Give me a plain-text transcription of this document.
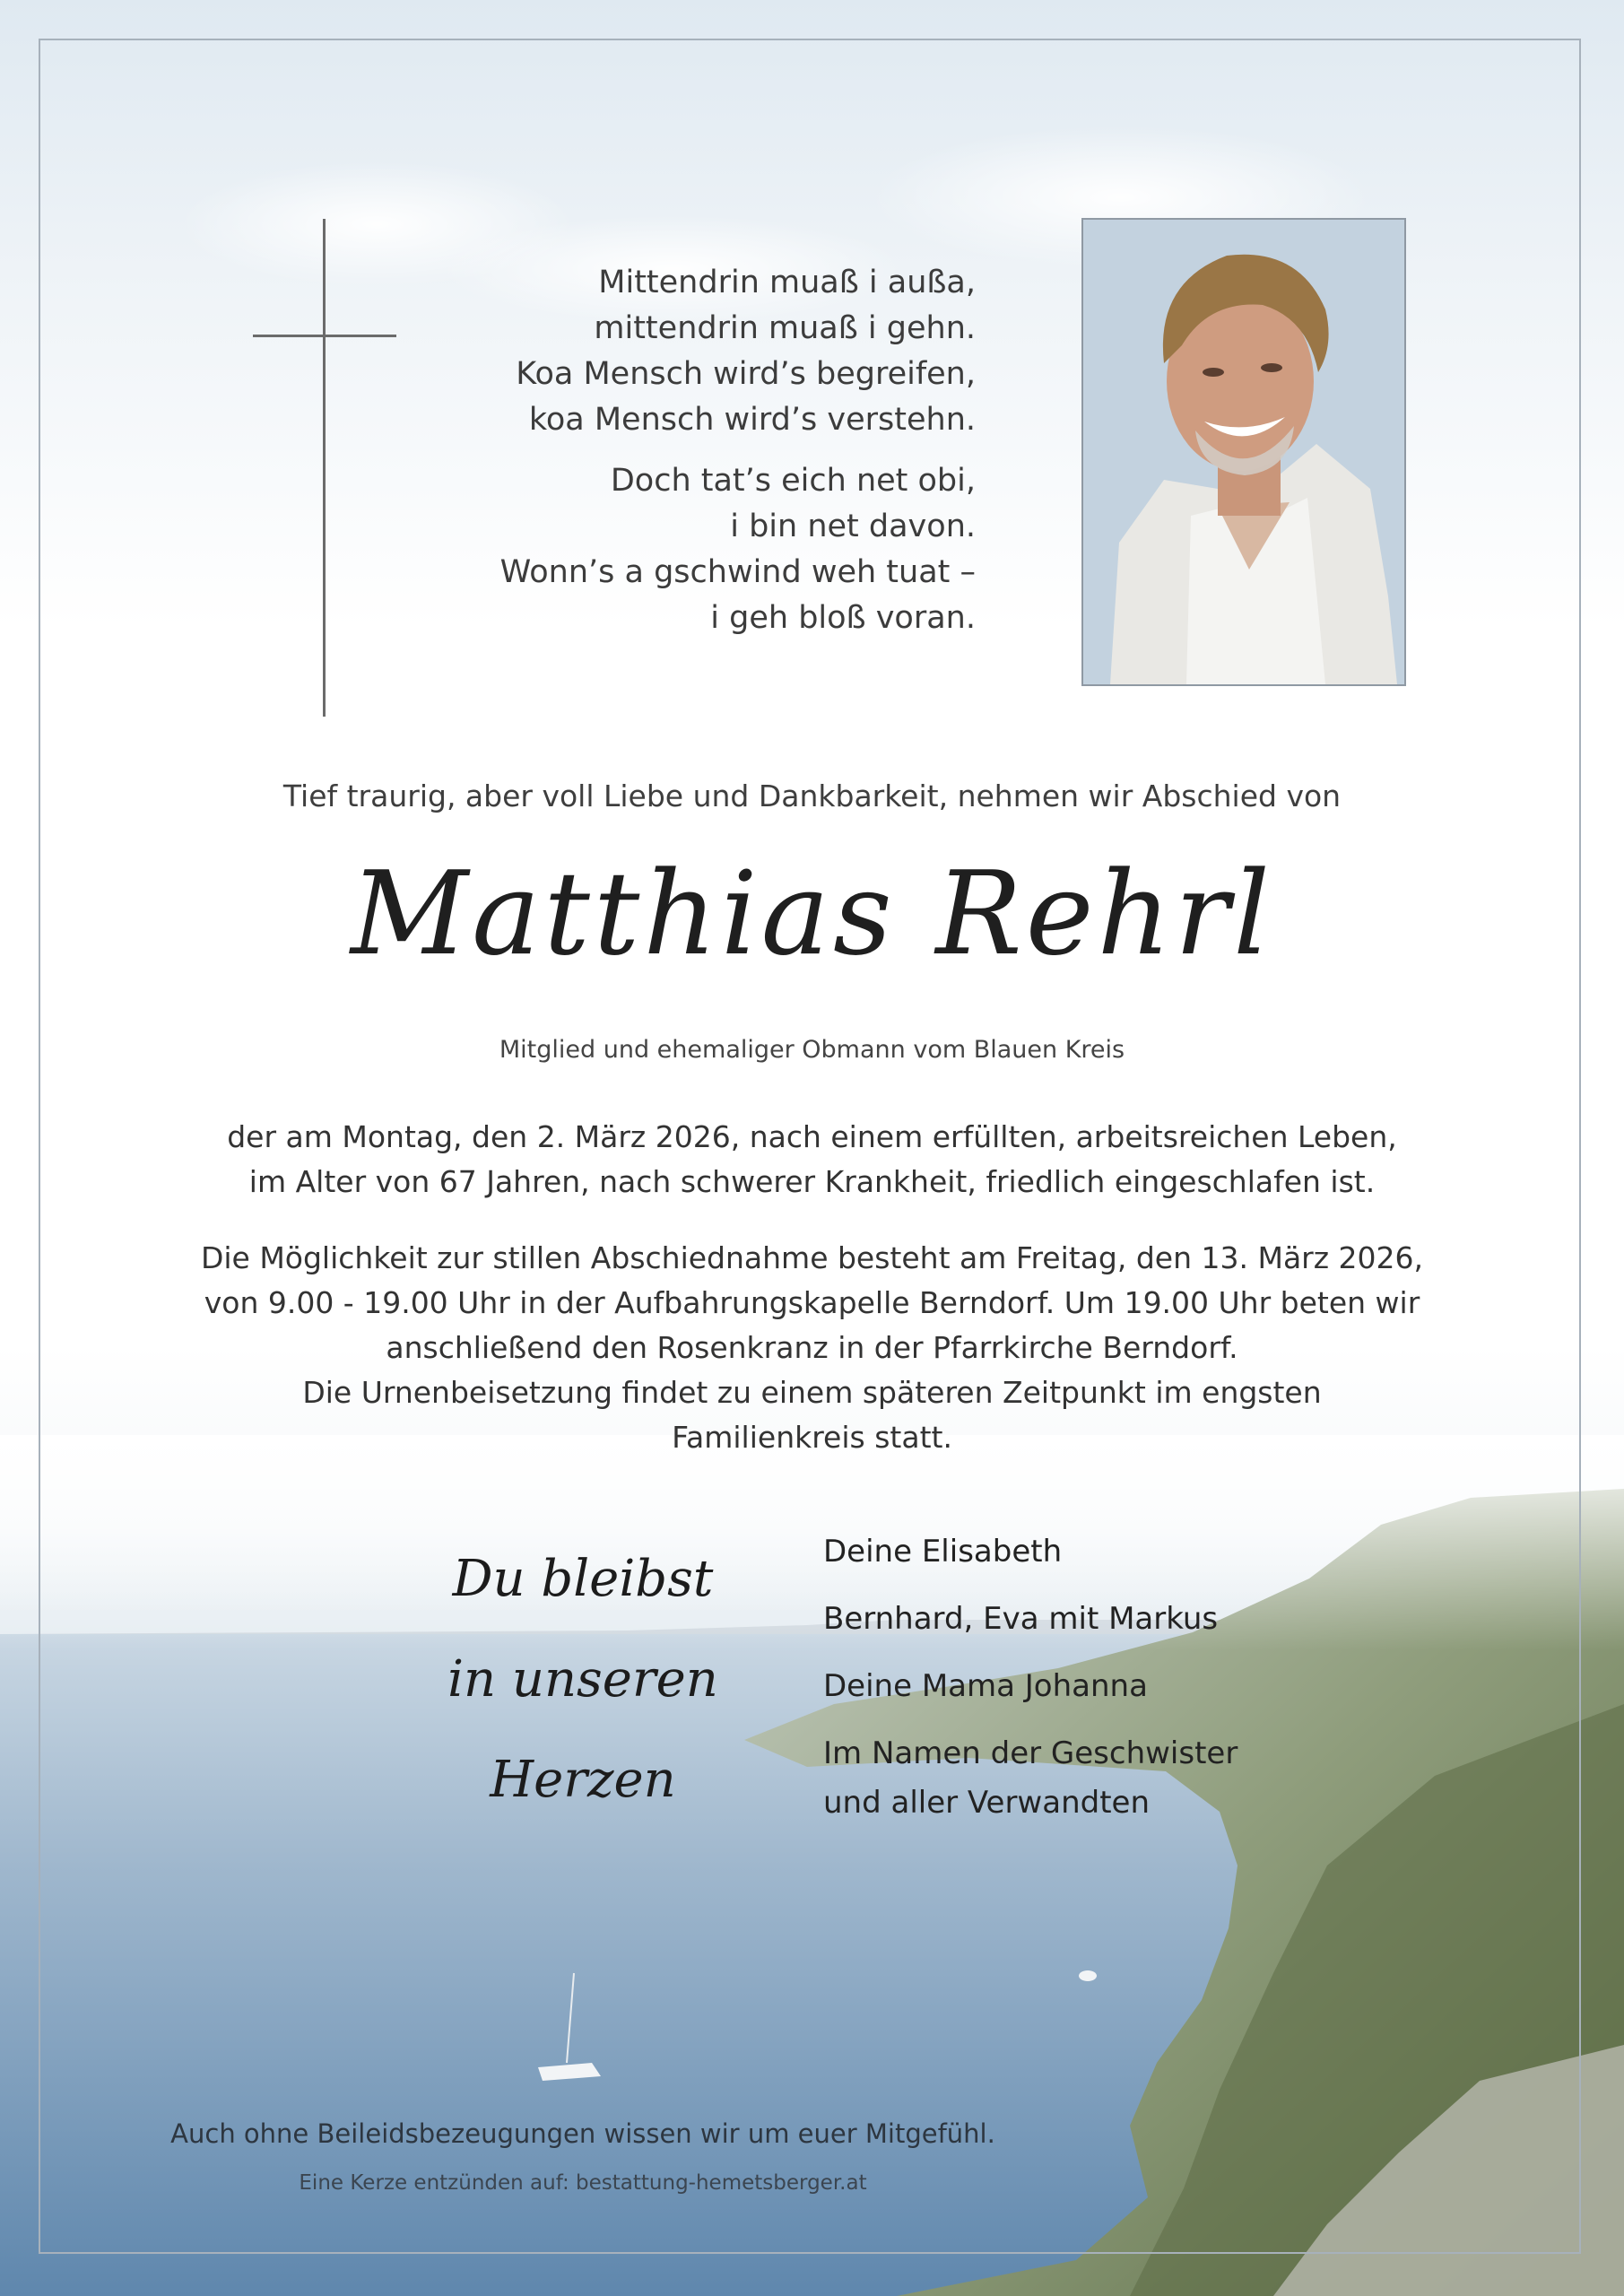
Mittendrin muaß i außa,
mittendrin muaß i gehn.
Koa Mensch wird’s begreifen,
koa Mensch wird’s verstehn.
Doch tat’s eich net obi,
i bin net davon.
Wonn’s a gschwind weh tuat –
i geh bloß voran.
Tief traurig, aber voll Liebe und Dankbarkeit, nehmen wir Abschied von
Matthias Rehrl
Mitglied und ehemaliger Obmann vom Blauen Kreis
der am Montag, den 2. März 2026, nach einem erfüllten, arbeitsreichen Leben,
im Alter von 67 Jahren, nach schwerer Krankheit, friedlich eingeschlafen ist.
Die Möglichkeit zur stillen Abschiednahme besteht am Freitag, den 13. März 2026,
von 9.00 - 19.00 Uhr in der Aufbahrungskapelle Berndorf. Um 19.00 Uhr beten wir
anschließend den Rosenkranz in der Pfarrkirche Berndorf.
Die Urnenbeisetzung findet zu einem späteren Zeitpunkt im engsten
Familienkreis statt.
Du bleibst
in unseren
Herzen
Deine Elisabeth
Bernhard, Eva mit Markus
Deine Mama Johanna
Im Namen der Geschwister
und aller Verwandten
Auch ohne Beileidsbezeugungen wissen wir um euer Mitgefühl.
Eine Kerze entzünden auf: bestattung-hemetsberger.at
